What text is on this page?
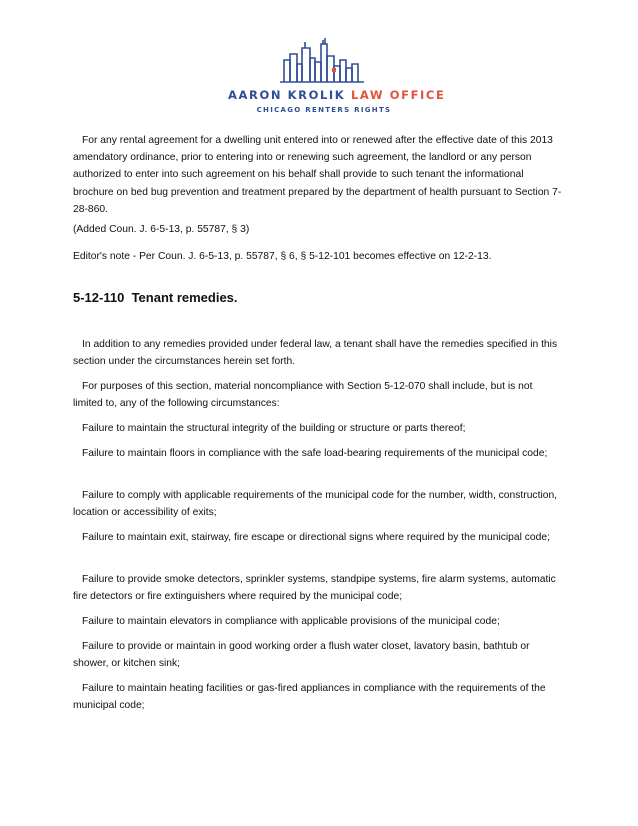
AARON KROLIK LAW OFFICE
CHICAGO RENTERS RIGHTS

For any rental agreement for a dwelling unit entered into or renewed after the effective date of this 2013 amendatory ordinance, prior to entering into or renewing such agreement, the landlord or any person authorized to enter into such agreement on his behalf shall provide to such tenant the informational brochure on bed bug prevention and treatment prepared by the department of health pursuant to Section 7-28-860.

(Added Coun. J. 6-5-13, p. 55787, § 3)

Editor's note - Per Coun. J. 6-5-13, p. 55787, § 6, § 5-12-101 becomes effective on 12-2-13.

5-12-110 Tenant remedies.

In addition to any remedies provided under federal law, a tenant shall have the remedies specified in this section under the circumstances herein set forth.

For purposes of this section, material noncompliance with Section 5-12-070 shall include, but is not limited to, any of the following circumstances:

Failure to maintain the structural integrity of the building or structure or parts thereof;

Failure to maintain floors in compliance with the safe load-bearing requirements of the municipal code;

Failure to comply with applicable requirements of the municipal code for the number, width, construction, location or accessibility of exits;

Failure to maintain exit, stairway, fire escape or directional signs where required by the municipal code;

Failure to provide smoke detectors, sprinkler systems, standpipe systems, fire alarm systems, automatic fire detectors or fire extinguishers where required by the municipal code;

Failure to maintain elevators in compliance with applicable provisions of the municipal code;

Failure to provide or maintain in good working order a flush water closet, lavatory basin, bathtub or shower, or kitchen sink;

Failure to maintain heating facilities or gas-fired appliances in compliance with the requirements of the municipal code;
